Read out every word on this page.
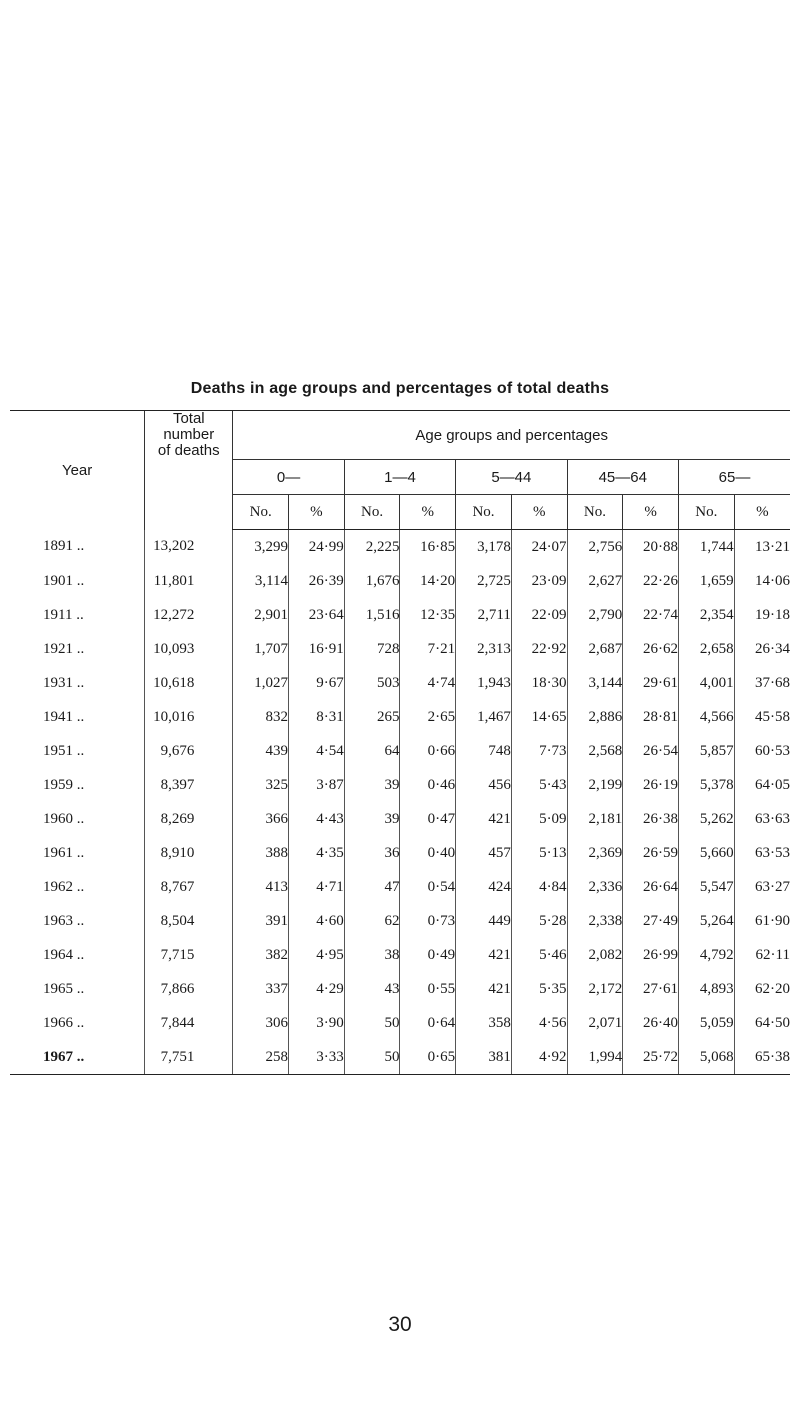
Deaths in age groups and percentages of total deaths
Year	Total
number
of deaths	Age groups and percentages									
		0—		1—4		5—44		45—64		65—	
		No.	%	No.	%	No.	%	No.	%	No.	%
1891 ..	13,202	3,299	24·99	2,225	16·85	3,178	24·07	2,756	20·88	1,744	13·21
1901 ..	11,801	3,114	26·39	1,676	14·20	2,725	23·09	2,627	22·26	1,659	14·06
1911 ..	12,272	2,901	23·64	1,516	12·35	2,711	22·09	2,790	22·74	2,354	19·18
1921 ..	10,093	1,707	16·91	728	7·21	2,313	22·92	2,687	26·62	2,658	26·34
1931 ..	10,618	1,027	9·67	503	4·74	1,943	18·30	3,144	29·61	4,001	37·68
1941 ..	10,016	832	8·31	265	2·65	1,467	14·65	2,886	28·81	4,566	45·58
1951 ..	9,676	439	4·54	64	0·66	748	7·73	2,568	26·54	5,857	60·53
1959 ..	8,397	325	3·87	39	0·46	456	5·43	2,199	26·19	5,378	64·05
1960 ..	8,269	366	4·43	39	0·47	421	5·09	2,181	26·38	5,262	63·63
1961 ..	8,910	388	4·35	36	0·40	457	5·13	2,369	26·59	5,660	63·53
1962 ..	8,767	413	4·71	47	0·54	424	4·84	2,336	26·64	5,547	63·27
1963 ..	8,504	391	4·60	62	0·73	449	5·28	2,338	27·49	5,264	61·90
1964 ..	7,715	382	4·95	38	0·49	421	5·46	2,082	26·99	4,792	62·11
1965 ..	7,866	337	4·29	43	0·55	421	5·35	2,172	27·61	4,893	62·20
1966 ..	7,844	306	3·90	50	0·64	358	4·56	2,071	26·40	5,059	64·50
1967 ..	7,751	258	3·33	50	0·65	381	4·92	1,994	25·72	5,068	65·38
30
